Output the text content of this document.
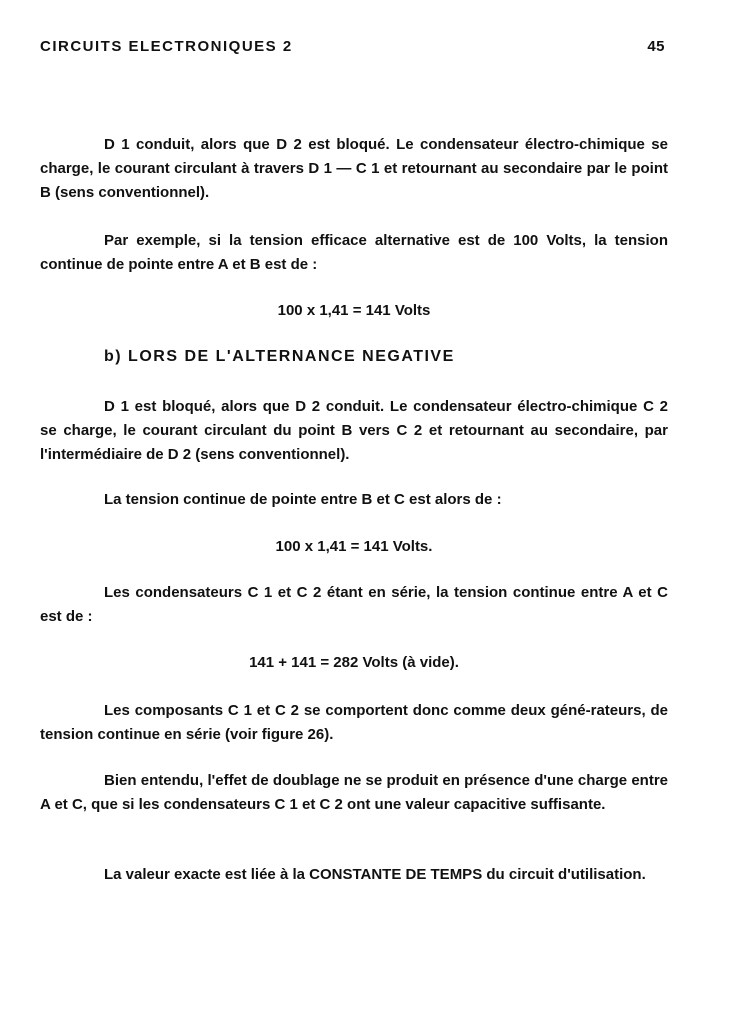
CIRCUITS ELECTRONIQUES 2	45
D 1 conduit, alors que D 2 est bloqué. Le condensateur électro-chimique se charge, le courant circulant à travers D 1 — C 1 et retournant au secondaire par le point B (sens conventionnel).
Par exemple, si la tension efficace alternative est de 100 Volts, la tension continue de pointe entre A et B est de :
100 x 1,41 = 141 Volts
b) LORS DE L'ALTERNANCE NEGATIVE
D 1 est bloqué, alors que D 2 conduit. Le condensateur électro-chimique C 2 se charge, le courant circulant du point B vers C 2 et retournant au secondaire, par l'intermédiaire de D 2 (sens conventionnel).
La tension continue de pointe entre B et C est alors de :
100 x 1,41 = 141 Volts.
Les condensateurs C 1 et C 2 étant en série, la tension continue entre A et C est de :
141 + 141 = 282 Volts (à vide).
Les composants C 1 et C 2 se comportent donc comme deux géné-rateurs, de tension continue en série (voir figure 26).
Bien entendu, l'effet de doublage ne se produit en présence d'une charge entre A et C, que si les condensateurs C 1 et C 2 ont une valeur capacitive suffisante.
La valeur exacte est liée à la CONSTANTE DE TEMPS du circuit d'utilisation.
